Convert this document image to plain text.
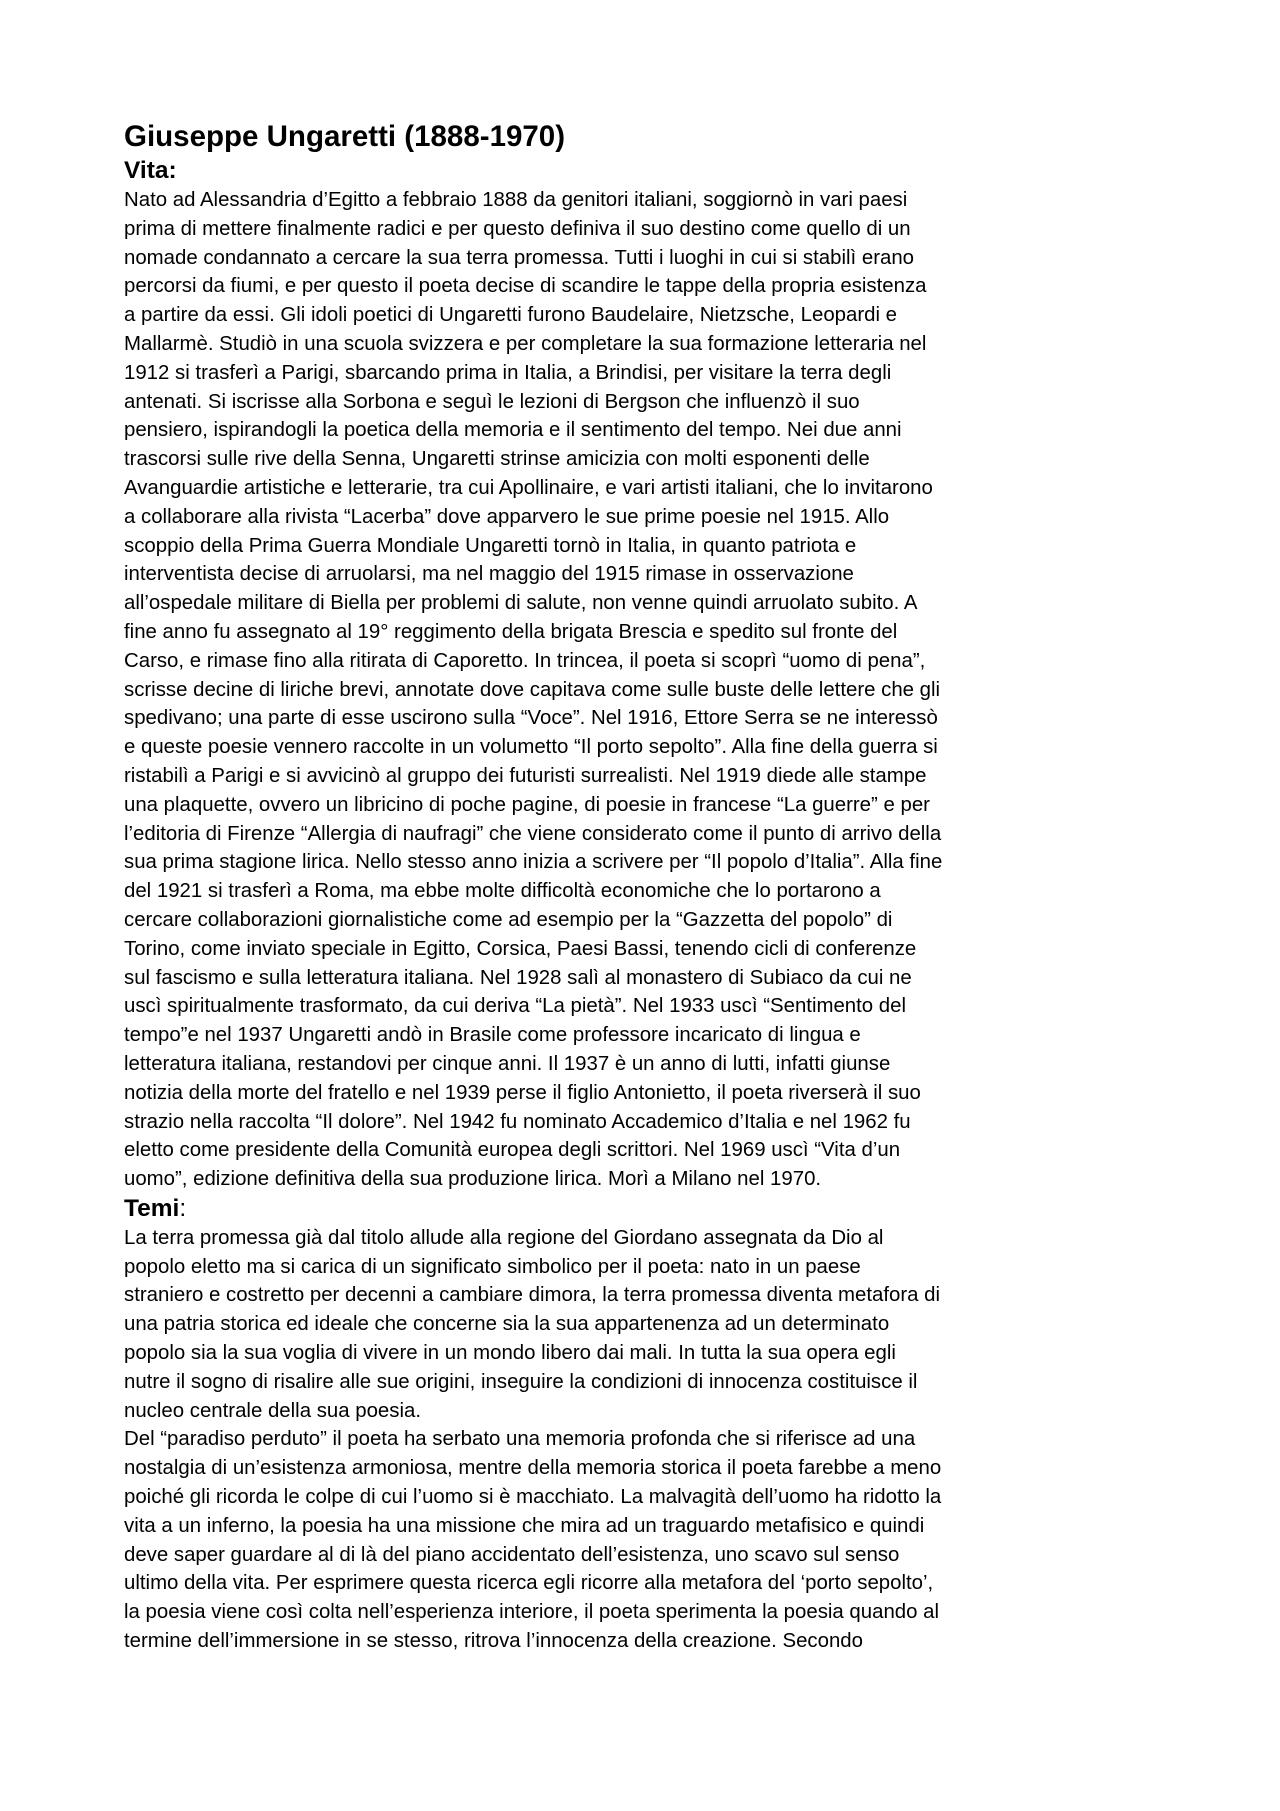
Giuseppe Ungaretti (1888-1970)
Vita:
Nato ad Alessandria d’Egitto a febbraio 1888 da genitori italiani, soggiornò in vari paesi
prima di mettere finalmente radici e per questo definiva il suo destino come quello di un
nomade condannato a cercare la sua terra promessa. Tutti i luoghi in cui si stabilì erano
percorsi da fiumi, e per questo il poeta decise di scandire le tappe della propria esistenza
a partire da essi. Gli idoli poetici di Ungaretti furono Baudelaire, Nietzsche, Leopardi e
Mallarmè. Studiò in una scuola svizzera e per completare la sua formazione letteraria nel
1912 si trasferì a Parigi, sbarcando prima in Italia, a Brindisi, per visitare la terra degli
antenati. Si iscrisse alla Sorbona e seguì le lezioni di Bergson che influenzò il suo
pensiero, ispirandogli la poetica della memoria e il sentimento del tempo. Nei due anni
trascorsi sulle rive della Senna, Ungaretti strinse amicizia con molti esponenti delle
Avanguardie artistiche e letterarie, tra cui Apollinaire, e vari artisti italiani, che lo invitarono
a collaborare alla rivista “Lacerba” dove apparvero le sue prime poesie nel 1915. Allo
scoppio della Prima Guerra Mondiale Ungaretti tornò in Italia, in quanto patriota e
interventista decise di arruolarsi, ma nel maggio del 1915 rimase in osservazione
all’ospedale militare di Biella per problemi di salute, non venne quindi arruolato subito. A
fine anno fu assegnato al 19° reggimento della brigata Brescia e spedito sul fronte del
Carso, e rimase fino alla ritirata di Caporetto. In trincea, il poeta si scoprì “uomo di pena”,
scrisse decine di liriche brevi, annotate dove capitava come sulle buste delle lettere che gli
spedivano; una parte di esse uscirono sulla “Voce”. Nel 1916, Ettore Serra se ne interessò
e queste poesie vennero raccolte in un volumetto “Il porto sepolto”. Alla fine della guerra si
ristabilì a Parigi e si avvicinò al gruppo dei futuristi surrealisti. Nel 1919 diede alle stampe
una plaquette, ovvero un libricino di poche pagine, di poesie in francese “La guerre” e per
l’editoria di Firenze “Allergia di naufragi” che viene considerato come il punto di arrivo della
sua prima stagione lirica. Nello stesso anno inizia a scrivere per “Il popolo d’Italia”. Alla fine
del 1921 si trasferì a Roma, ma ebbe molte difficoltà economiche che lo portarono a
cercare collaborazioni giornalistiche come ad esempio per la “Gazzetta del popolo” di
Torino, come inviato speciale in Egitto, Corsica, Paesi Bassi, tenendo cicli di conferenze
sul fascismo e sulla letteratura italiana. Nel 1928 salì al monastero di Subiaco da cui ne
uscì spiritualmente trasformato, da cui deriva “La pietà”. Nel 1933 uscì “Sentimento del
tempo”e nel 1937 Ungaretti andò in Brasile come professore incaricato di lingua e
letteratura italiana, restandovi per cinque anni. Il 1937 è un anno di lutti, infatti giunse
notizia della morte del fratello e nel 1939 perse il figlio Antonietto, il poeta riverserà il suo
strazio nella raccolta “Il dolore”. Nel 1942 fu nominato Accademico d’Italia e nel 1962 fu
eletto come presidente della Comunità europea degli scrittori. Nel 1969 uscì “Vita d’un
uomo”, edizione definitiva della sua produzione lirica. Morì a Milano nel 1970.
Temi:
La terra promessa già dal titolo allude alla regione del Giordano assegnata da Dio al
popolo eletto ma si carica di un significato simbolico per il poeta: nato in un paese
straniero e costretto per decenni a cambiare dimora, la terra promessa diventa metafora di
una patria storica ed ideale che concerne sia la sua appartenenza ad un determinato
popolo sia la sua voglia di vivere in un mondo libero dai mali. In tutta la sua opera egli
nutre il sogno di risalire alle sue origini, inseguire la condizioni di innocenza costituisce il
nucleo centrale della sua poesia.
Del “paradiso perduto” il poeta ha serbato una memoria profonda che si riferisce ad una
nostalgia di un’esistenza armoniosa, mentre della memoria storica il poeta farebbe a meno
poiché gli ricorda le colpe di cui l’uomo si è macchiato. La malvagità dell’uomo ha ridotto la
vita a un inferno, la poesia ha una missione che mira ad un traguardo metafisico e quindi
deve saper guardare al di là del piano accidentato dell’esistenza, uno scavo sul senso
ultimo della vita. Per esprimere questa ricerca egli ricorre alla metafora del ‘porto sepolto’,
la poesia viene così colta nell’esperienza interiore, il poeta sperimenta la poesia quando al
termine dell’immersione in se stesso, ritrova l’innocenza della creazione. Secondo
